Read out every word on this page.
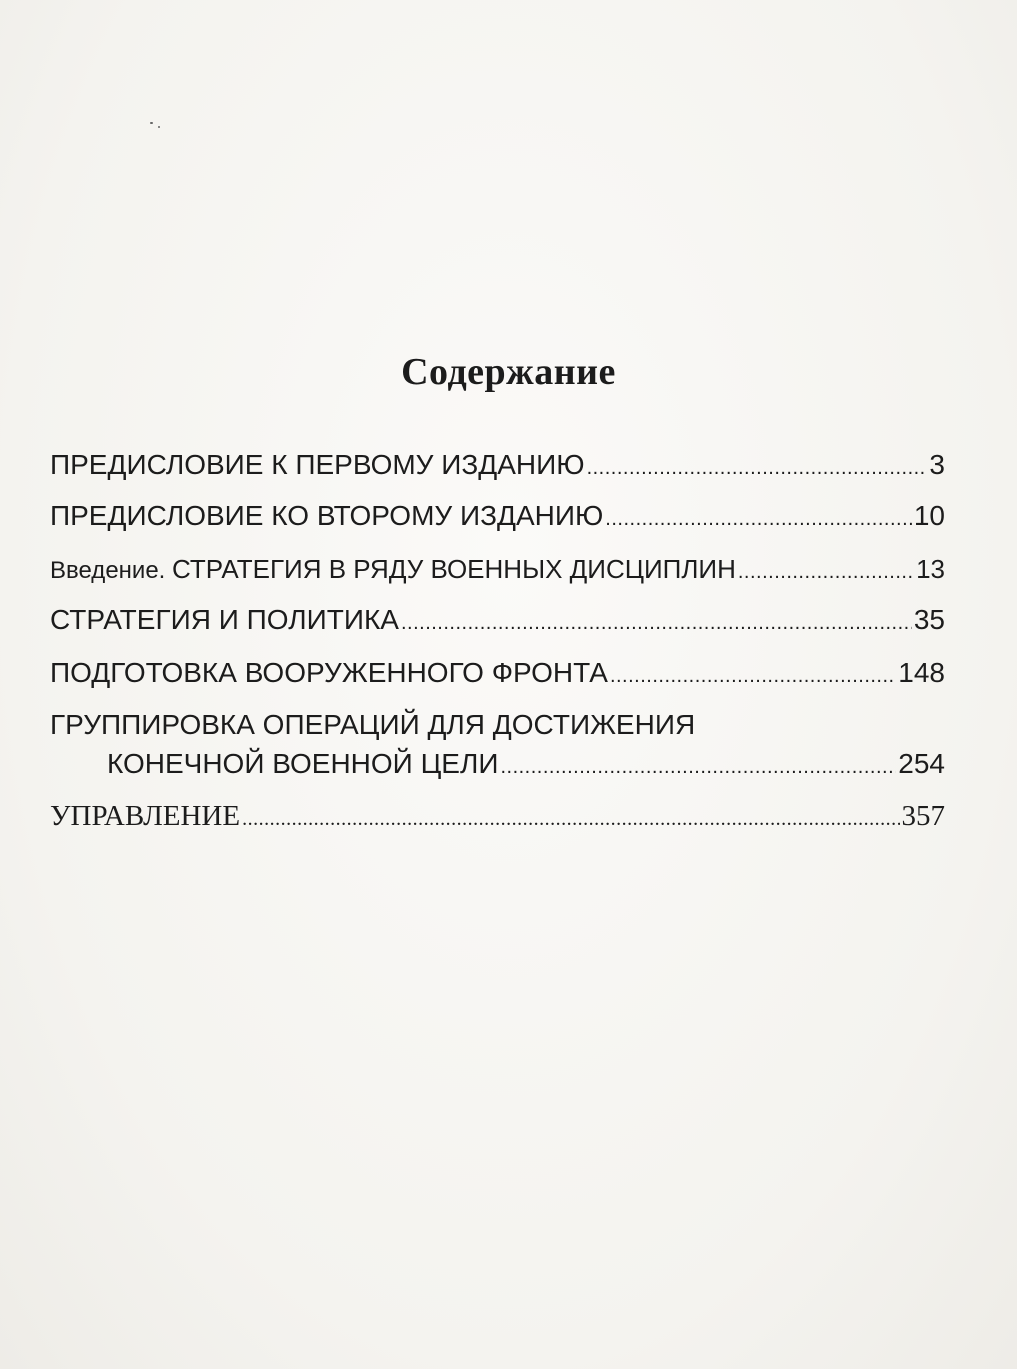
Содержание
ПРЕДИСЛОВИЕ К ПЕРВОМУ ИЗДАНИЮ .....	3
ПРЕДИСЛОВИЕ КО ВТОРОМУ ИЗДАНИЮ .....	10
Введение. СТРАТЕГИЯ В РЯДУ ВОЕННЫХ ДИСЦИПЛИН .....	13
СТРАТЕГИЯ И ПОЛИТИКА .....	35
ПОДГОТОВКА ВООРУЖЕННОГО ФРОНТА .....	148
ГРУППИРОВКА ОПЕРАЦИЙ ДЛЯ ДОСТИЖЕНИЯ
КОНЕЧНОЙ ВОЕННОЙ ЦЕЛИ .....	254
УПРАВЛЕНИЕ .....	357
